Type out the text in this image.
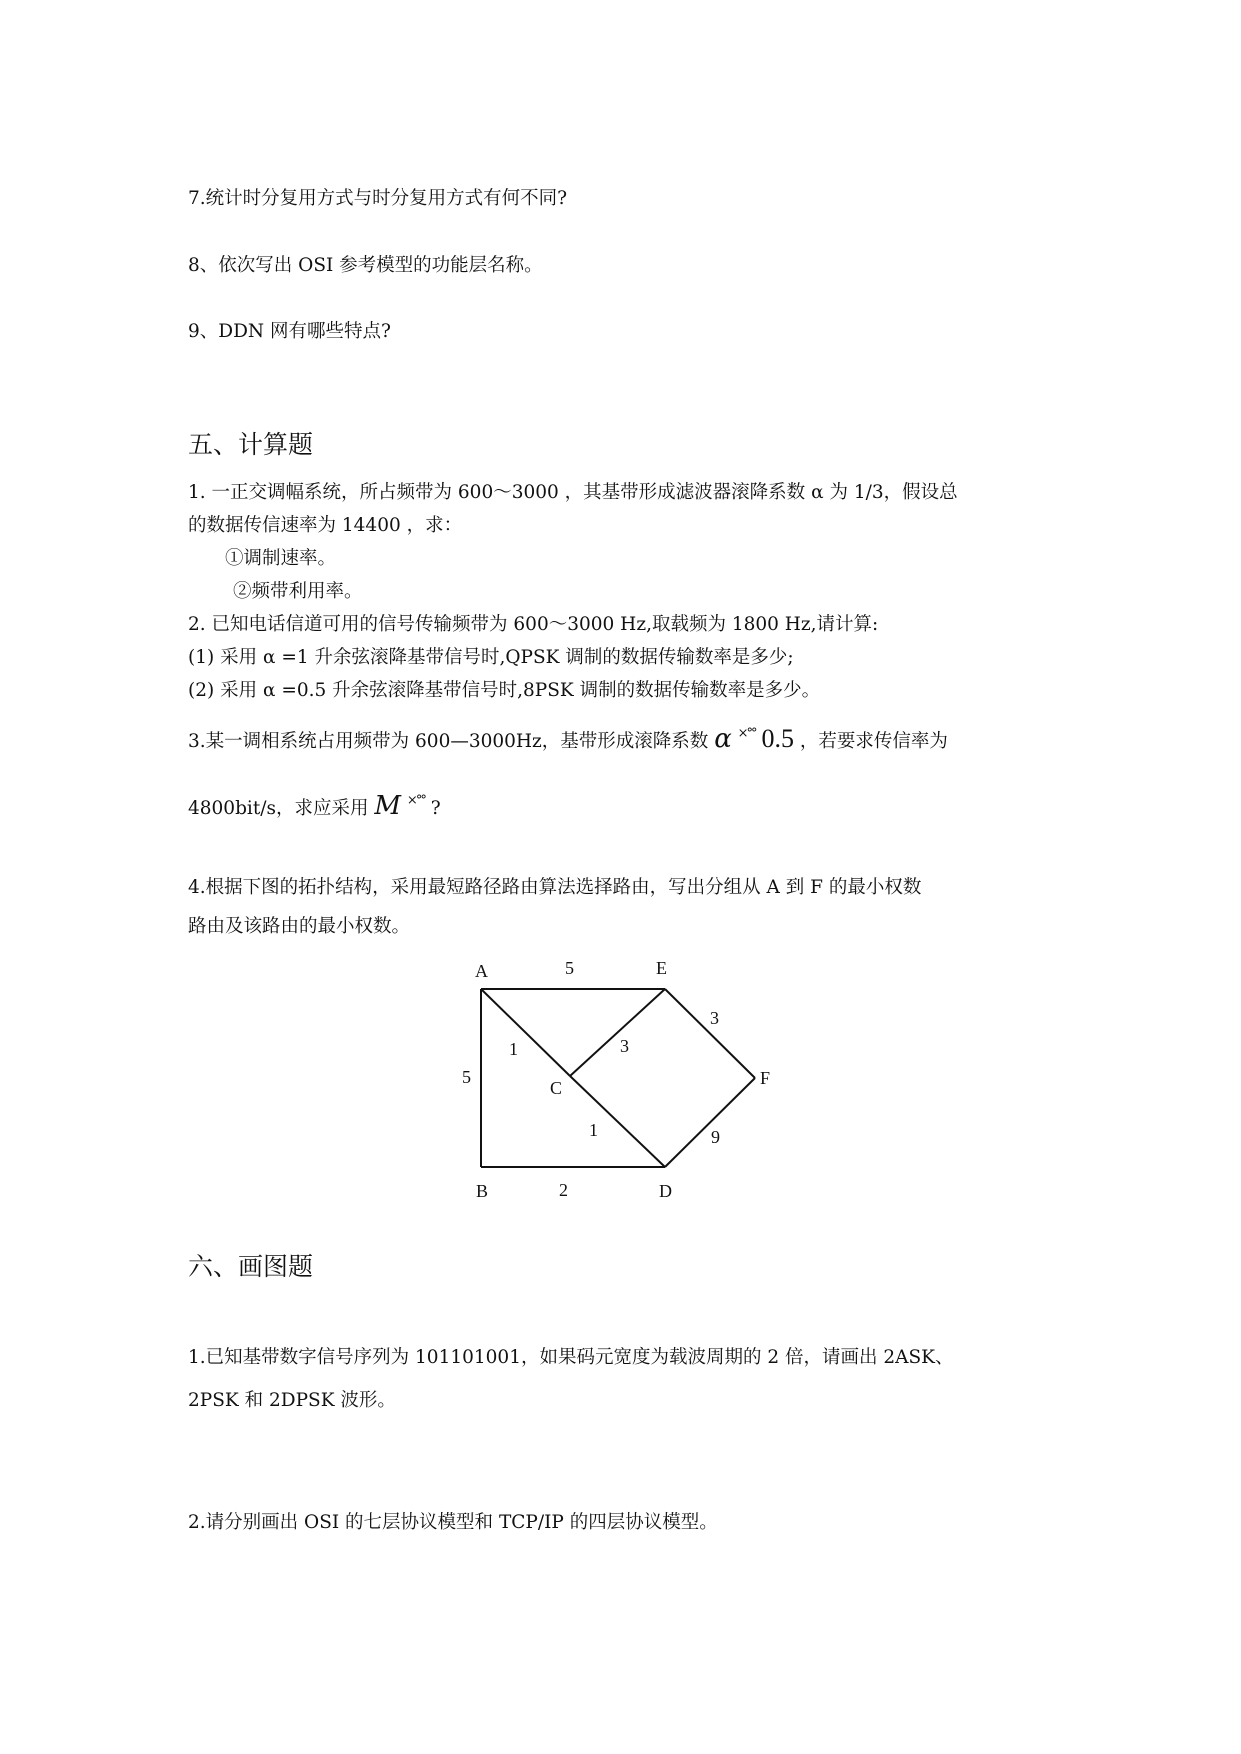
7.统计时分复用方式与时分复用方式有何不同?
8、依次写出 OSI 参考模型的功能层名称。
9、DDN 网有哪些特点?
五、计算题
1. 一正交调幅系统，所占频带为 600～3000 ，其基带形成滤波器滚降系数 α 为 1/3，假设总
的数据传信速率为 14400 ，求：
①调制速率。
②频带利用率。
2. 已知电话信道可用的信号传输频带为 600～3000 Hz,取载频为 1800 Hz,请计算:
(1) 采用 α =1 升余弦滚降基带信号时,QPSK 调制的数据传输数率是多少;
(2) 采用 α =0.5 升余弦滚降基带信号时,8PSK 调制的数据传输数率是多少。
3.某一调相系统占用频带为 600—3000Hz，基带形成滚降系数 α ×°° 0.5 ，若要求传信率为
4800bit/s，求应采用 M ×°° ?
4.根据下图的拓扑结构，采用最短路径路由算法选择路由，写出分组从 A 到 F 的最小权数
路由及该路由的最小权数。
A
B
C
D
E
F
5
5
1	3
1
2
3
9
六、画图题
1.已知基带数字信号序列为 101101001，如果码元宽度为载波周期的 2 倍，请画出 2ASK、
2PSK 和 2DPSK 波形。
2.请分别画出 OSI 的七层协议模型和 TCP/IP 的四层协议模型。
